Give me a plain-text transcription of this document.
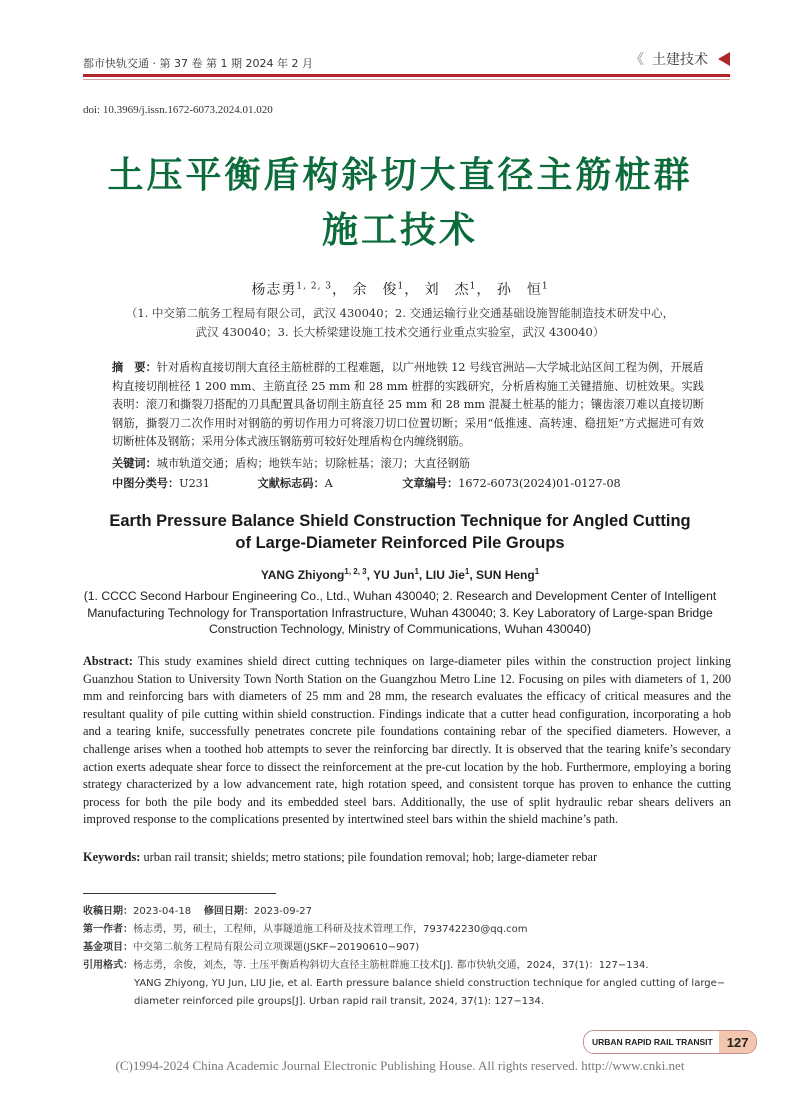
都市快轨交通 · 第 37 卷 第 1 期 2024 年 2 月	《 土建技术
doi: 10.3969/j.issn.1672-6073.2024.01.020
土压平衡盾构斜切大直径主筋桩群
施工技术
杨志勇$^{1, 2, 3}$， 余　俊$^1$， 刘　杰$^1$， 孙　恒$^1$
（1. 中交第二航务工程局有限公司，武汉 430040；2. 交通运输行业交通基础设施智能制造技术研发中心，
武汉 430040；3. 长大桥梁建设施工技术交通行业重点实验室，武汉 430040）
摘　要：针对盾构直接切削大直径主筋桩群的工程难题，以广州地铁 12 号线官洲站—大学城北站区间工程为例，开展盾构直接切削桩径 1 200 mm、主筋直径 25 mm 和 28 mm 桩群的实践研究，分析盾构施工关键措施、切桩效果。实践表明：滚刀和撕裂刀搭配的刀具配置具备切削主筋直径 25 mm 和 28 mm 混凝土桩基的能力；镶齿滚刀难以直接切断钢筋，撕裂刀二次作用时对钢筋的剪切作用力可将滚刀切口位置切断；采用“低推速、高转速、稳扭矩”方式掘进可有效切断桩体及钢筋；采用分体式液压钢筋剪可较好处理盾构仓内缠绕钢筋。
关键词：城市轨道交通；盾构；地铁车站；切除桩基；滚刀；大直径钢筋
中图分类号：U231	文献标志码：A	文章编号：1672-6073(2024)01-0127-08
Earth Pressure Balance Shield Construction Technique for Angled Cutting
of Large-Diameter Reinforced Pile Groups
YANG Zhiyong$^{1, 2, 3}$, YU Jun$^1$, LIU Jie$^1$, SUN Heng$^1$
(1. CCCC Second Harbour Engineering Co., Ltd., Wuhan 430040; 2. Research and Development Center of Intelligent Manufacturing Technology for Transportation Infrastructure, Wuhan 430040; 3. Key Laboratory of Large-span Bridge Construction Technology, Ministry of Communications, Wuhan 430040)
Abstract: This study examines shield direct cutting techniques on large-diameter piles within the construction project linking Guanzhou Station to University Town North Station on the Guangzhou Metro Line 12. Focusing on piles with diameters of 1, 200 mm and reinforcing bars with diameters of 25 mm and 28 mm, the research evaluates the efficacy of critical measures and the resultant quality of pile cutting within shield construction. Findings indicate that a cutter head configuration, incorporating a hob and a tearing knife, successfully penetrates concrete pile foundations containing rebar of the specified diameters. However, a challenge arises when a toothed hob attempts to sever the reinforcing bar directly. It is observed that the tearing knife’s secondary action exerts adequate shear force to dissect the reinforcement at the pre-cut location by the hob. Furthermore, employing a boring strategy characterized by a low advancement rate, high rotation speed, and consistent torque has proven to enhance the cutting process for both the pile body and its embedded steel bars. Additionally, the use of split hydraulic rebar shears delivers an improved response to the complications presented by intertwined steel bars within the shield machine’s path.
Keywords: urban rail transit; shields; metro stations; pile foundation removal; hob; large-diameter rebar
收稿日期：2023-04-18 修回日期：2023-09-27
第一作者：杨志勇，男，硕士，工程师，从事隧道施工科研及技术管理工作，793742230@qq.com
基金项目：中交第二航务工程局有限公司立项课题(JSKF−20190610−907)
引用格式：杨志勇，余俊，刘杰，等. 土压平衡盾构斜切大直径主筋桩群施工技术[J]. 都市快轨交通，2024，37(1)：127−134.
YANG Zhiyong, YU Jun, LIU Jie, et al. Earth pressure balance shield construction technique for angled cutting of large−
diameter reinforced pile groups[J]. Urban rapid rail transit, 2024, 37(1): 127−134.
URBAN RAPID RAIL TRANSIT	127
(C)1994-2024 China Academic Journal Electronic Publishing House. All rights reserved. http://www.cnki.net
